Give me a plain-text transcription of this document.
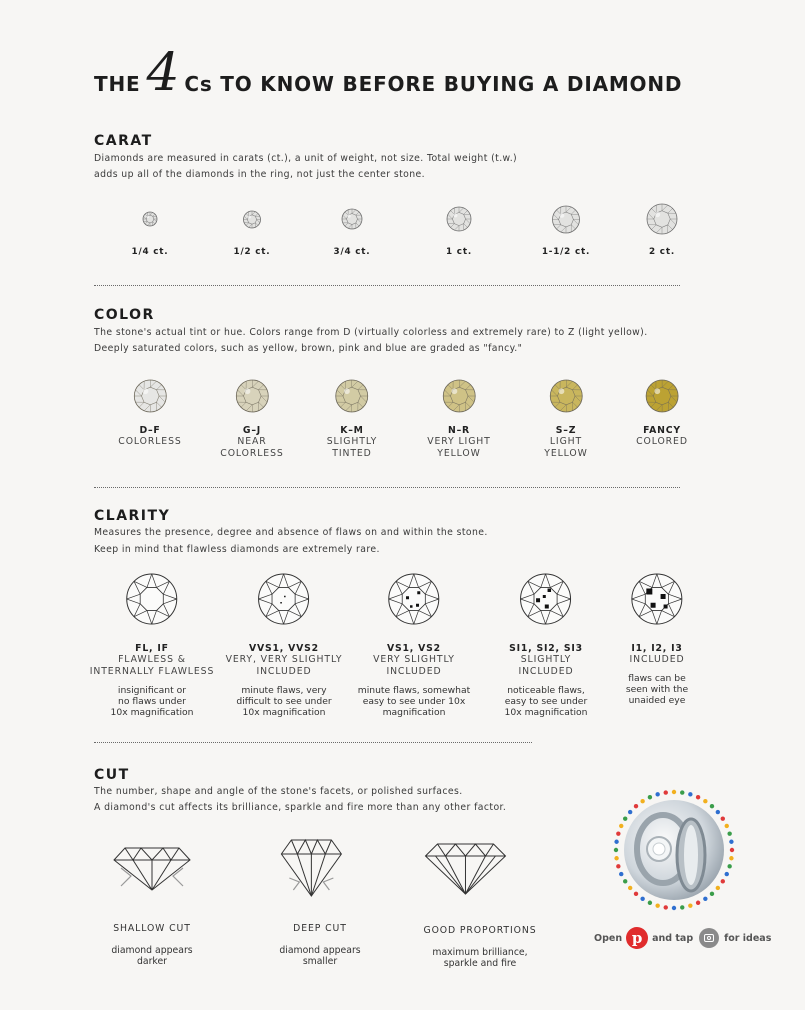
THE 4 Cs TO KNOW BEFORE BUYING A DIAMOND
CARAT
Diamonds are measured in carats (ct.), a unit of weight, not size. Total weight (t.w.)
adds up all of the diamonds in the ring, not just the center stone.
COLOR
The stone's actual tint or hue. Colors range from D (virtually colorless and extremely rare) to Z (light yellow).
Deeply saturated colors, such as yellow, brown, pink and blue are graded as "fancy."
CLARITY
Measures the presence, degree and absence of flaws on and within the stone.
Keep in mind that flawless diamonds are extremely rare.
CUT
The number, shape and angle of the stone's facets, or polished surfaces.
A diamond's cut affects its brilliance, sparkle and fire more than any other factor.

SHALLOW CUT

diamond appears
darker

DEEP CUT

diamond appears
smaller

GOOD PROPORTIONS

maximum brilliance,
sparkle and fire

Open p	and tap	for ideas
1/4 ct.	1/2 ct.	3/4 ct.	1 ct.	1-1/2 ct.	2 ct.
D–F
COLORLESS
G–J
NEAR
COLORLESS
K–M
SLIGHTLY
TINTED
N–R
VERY LIGHT
YELLOW
S–Z
LIGHT
YELLOW
FANCY
COLORED
FL, IF
FLAWLESS &
INTERNALLY FLAWLESS
insignificant or
no flaws under
10x magnification
VVS1, VVS2
VERY, VERY SLIGHTLY
INCLUDED
minute flaws, very
difficult to see under
10x magnification
VS1, VS2
VERY SLIGHTLY
INCLUDED
minute flaws, somewhat
easy to see under 10x
magnification
SI1, SI2, SI3
SLIGHTLY
INCLUDED
noticeable flaws,
easy to see under
10x magnification
I1, I2, I3
INCLUDED
flaws can be
seen with the
unaided eye
